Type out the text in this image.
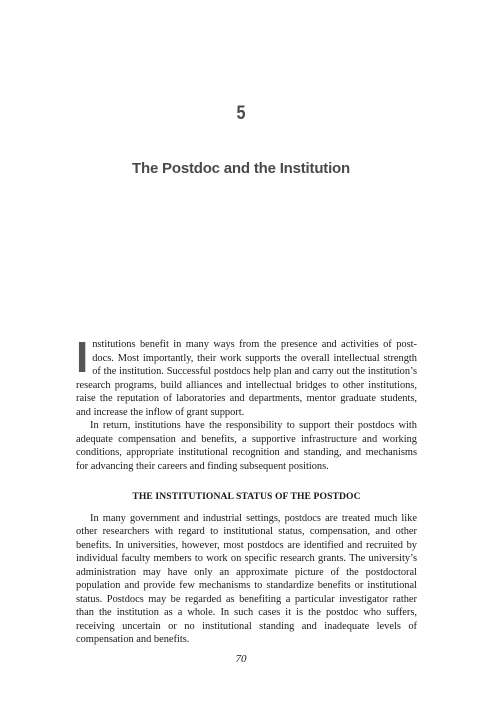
5
The Postdoc and the Institution

Institutions benefit in many ways from the presence and activities of post-docs. Most importantly, their work supports the overall intellectual strength of the institution. Successful postdocs help plan and carry out the institution’s research programs, build alliances and intellectual bridges to other institutions, raise the reputation of laboratories and departments, mentor graduate students, and increase the inflow of grant support.

In return, institutions have the responsibility to support their postdocs with adequate compensation and benefits, a supportive infrastructure and working conditions, appropriate institutional recognition and standing, and mechanisms for advancing their careers and finding subsequent positions.

THE INSTITUTIONAL STATUS OF THE POSTDOC

In many government and industrial settings, postdocs are treated much like other researchers with regard to institutional status, compensation, and other benefits. In universities, however, most postdocs are identified and recruited by individual faculty members to work on specific research grants. The university’s administration may have only an approximate picture of the postdoctoral population and provide few mechanisms to standardize benefits or institutional status. Postdocs may be regarded as benefiting a particular investigator rather than the institution as a whole. In such cases it is the postdoc who suffers, receiving uncertain or no institutional standing and inadequate levels of compensation and benefits.

70
